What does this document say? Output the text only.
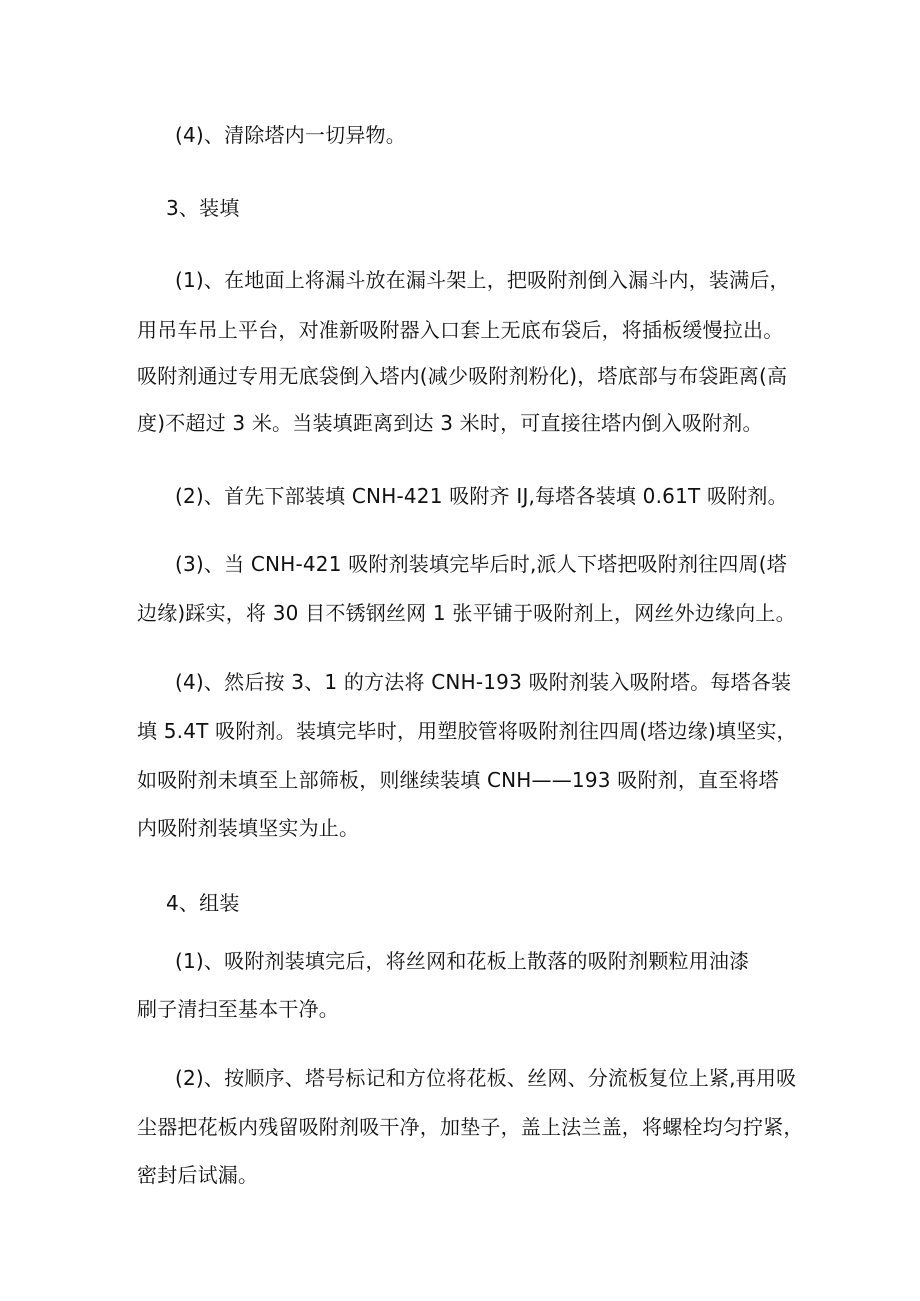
(4)、清除塔内一切异物。
3、装填
(1)、在地面上将漏斗放在漏斗架上，把吸附剂倒入漏斗内，装满后，
用吊车吊上平台，对准新吸附器入口套上无底布袋后，将插板缓慢拉出。
吸附剂通过专用无底袋倒入塔内(减少吸附剂粉化)，塔底部与布袋距离(高
度)不超过 3 米。当装填距离到达 3 米时，可直接往塔内倒入吸附剂。
(2)、首先下部装填 CNH-421 吸附齐 IJ,每塔各装填 0.61T 吸附剂。
(3)、当 CNH-421 吸附剂装填完毕后时,派人下塔把吸附剂往四周(塔
边缘)踩实，将 30 目不锈钢丝网 1 张平铺于吸附剂上，网丝外边缘向上。
(4)、然后按 3、1 的方法将 CNH-193 吸附剂装入吸附塔。每塔各装
填 5.4T 吸附剂。装填完毕时，用塑胶管将吸附剂往四周(塔边缘)填坚实，
如吸附剂未填至上部筛板，则继续装填 CNH——193 吸附剂，直至将塔
内吸附剂装填坚实为止。
4、组装
(1)、吸附剂装填完后，将丝网和花板上散落的吸附剂颗粒用油漆
刷子清扫至基本干净。
(2)、按顺序、塔号标记和方位将花板、丝网、分流板复位上紧,再用吸
尘器把花板内残留吸附剂吸干净，加垫子，盖上法兰盖，将螺栓均匀拧紧，
密封后试漏。
